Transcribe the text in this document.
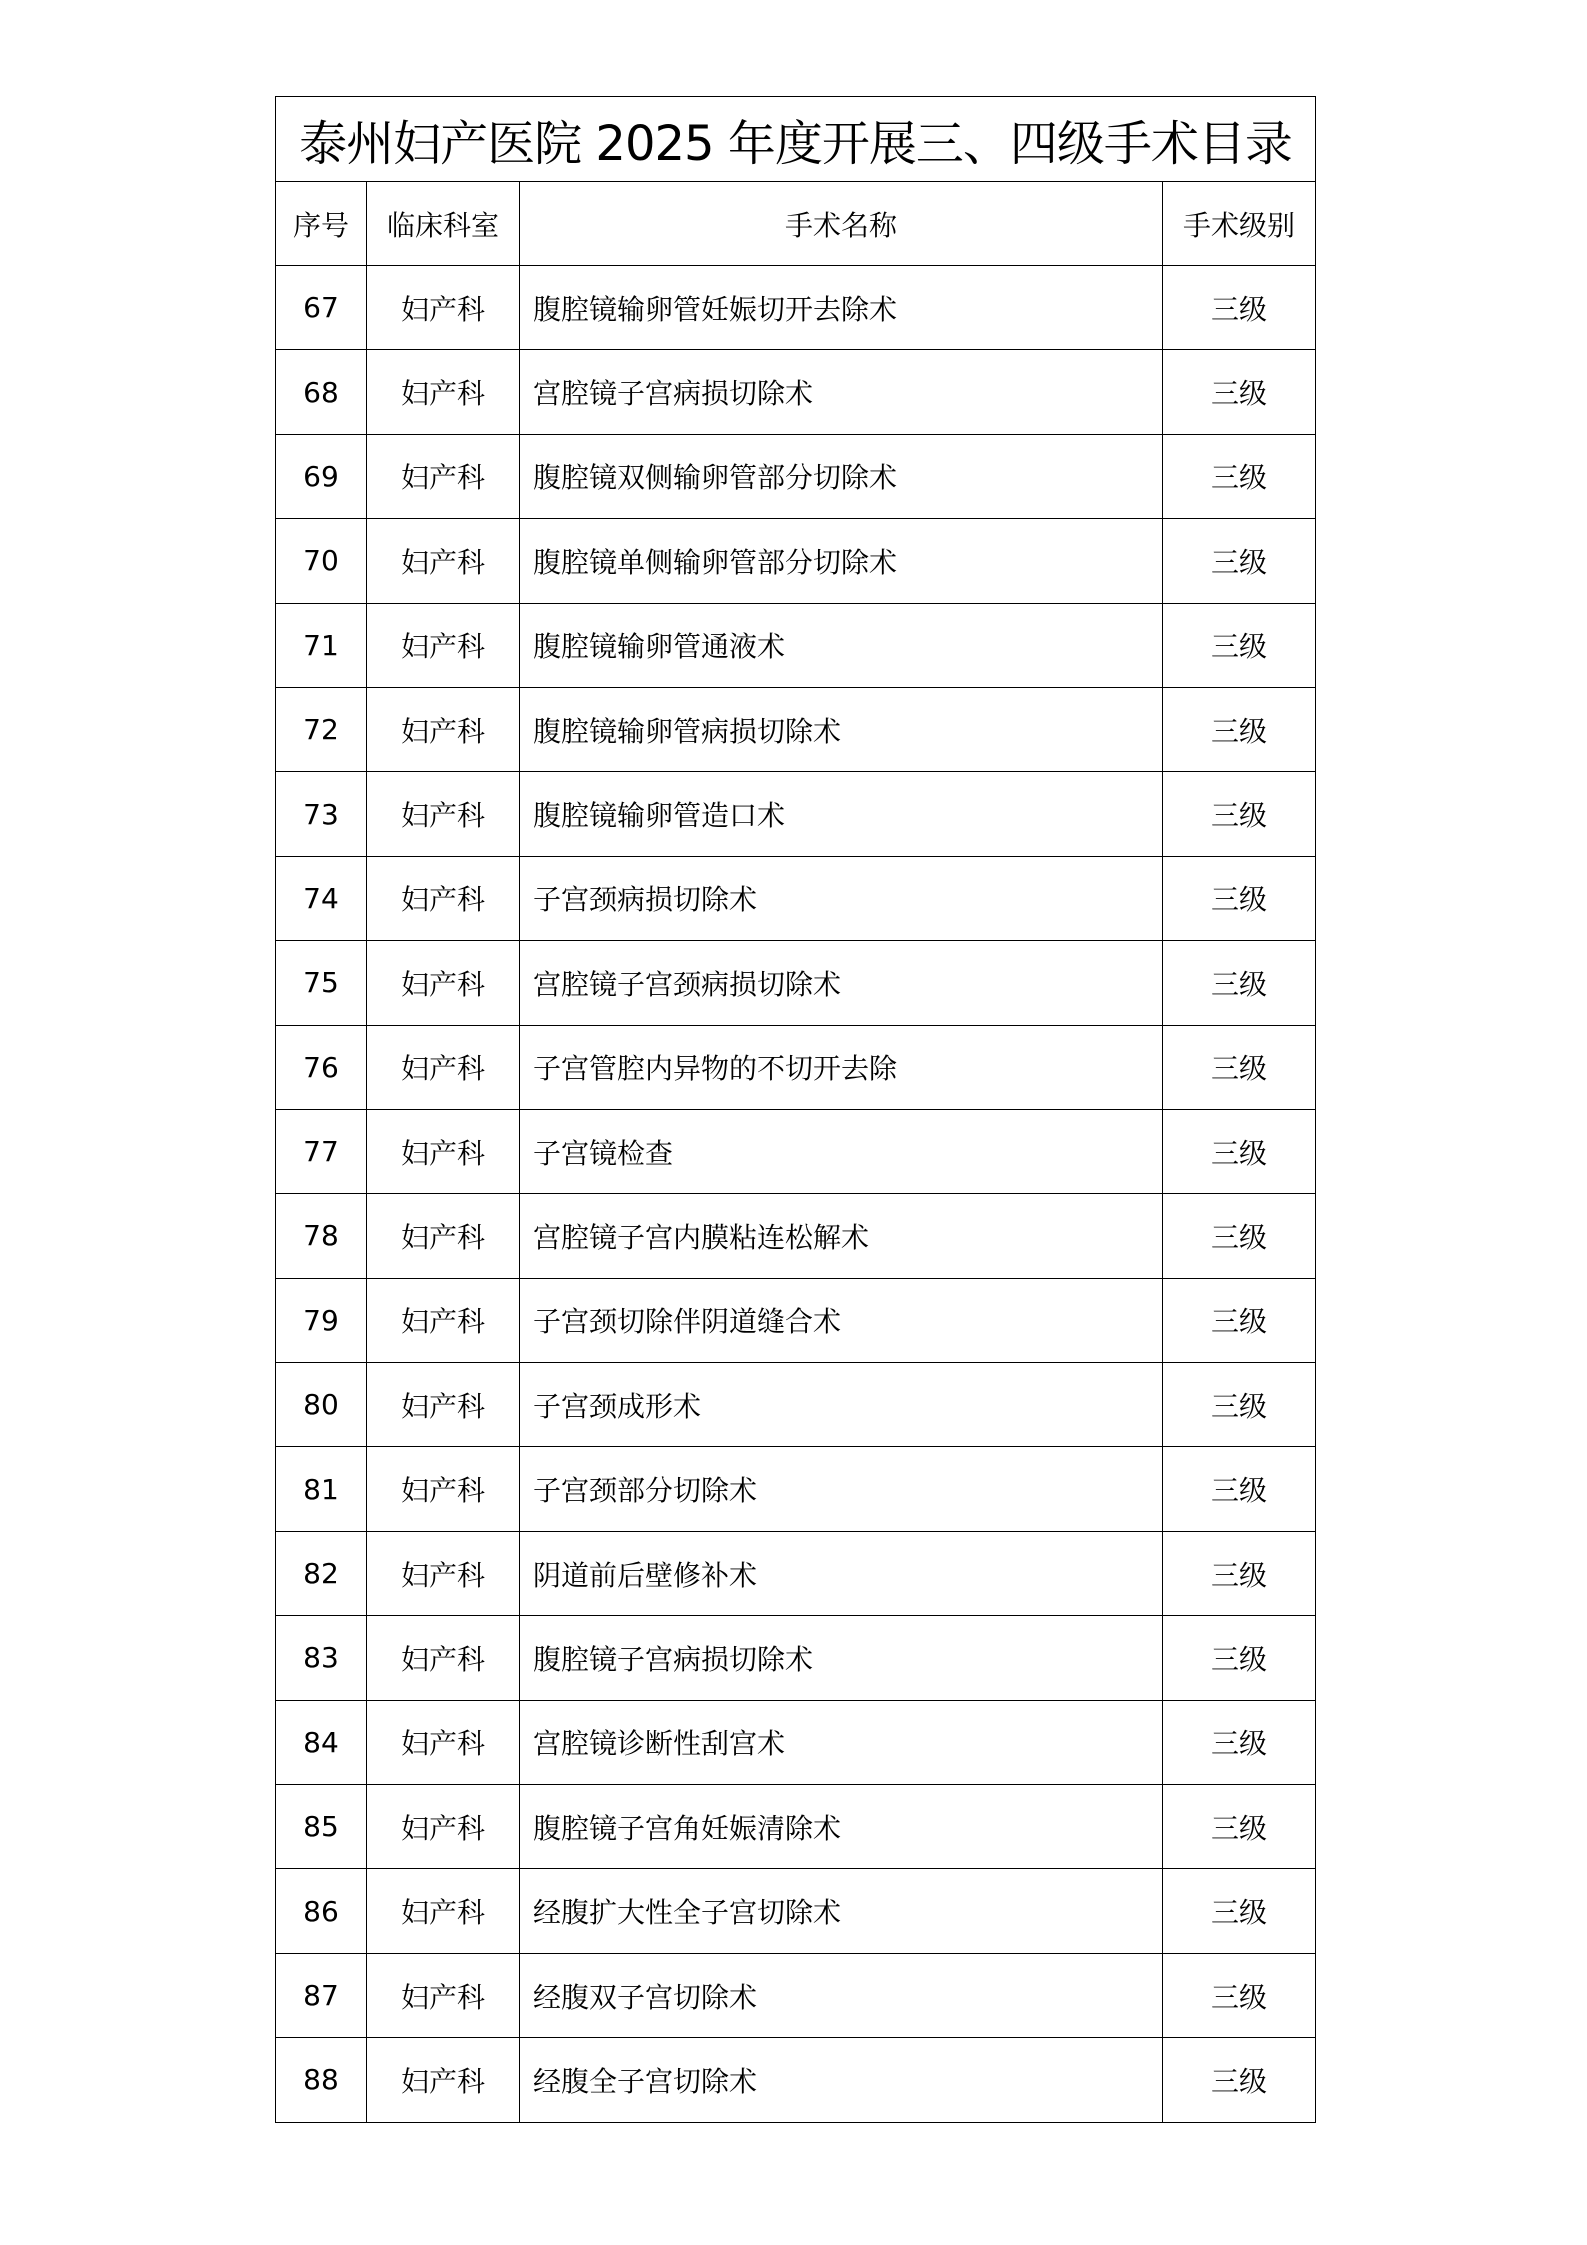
泰州妇产医院 2025 年度开展三、四级手术目录			
序号	临床科室	手术名称	手术级别
67	妇产科	腹腔镜输卵管妊娠切开去除术	三级
68	妇产科	宫腔镜子宫病损切除术	三级
69	妇产科	腹腔镜双侧输卵管部分切除术	三级
70	妇产科	腹腔镜单侧输卵管部分切除术	三级
71	妇产科	腹腔镜输卵管通液术	三级
72	妇产科	腹腔镜输卵管病损切除术	三级
73	妇产科	腹腔镜输卵管造口术	三级
74	妇产科	子宫颈病损切除术	三级
75	妇产科	宫腔镜子宫颈病损切除术	三级
76	妇产科	子宫管腔内异物的不切开去除	三级
77	妇产科	子宫镜检查	三级
78	妇产科	宫腔镜子宫内膜粘连松解术	三级
79	妇产科	子宫颈切除伴阴道缝合术	三级
80	妇产科	子宫颈成形术	三级
81	妇产科	子宫颈部分切除术	三级
82	妇产科	阴道前后壁修补术	三级
83	妇产科	腹腔镜子宫病损切除术	三级
84	妇产科	宫腔镜诊断性刮宫术	三级
85	妇产科	腹腔镜子宫角妊娠清除术	三级
86	妇产科	经腹扩大性全子宫切除术	三级
87	妇产科	经腹双子宫切除术	三级
88	妇产科	经腹全子宫切除术	三级
